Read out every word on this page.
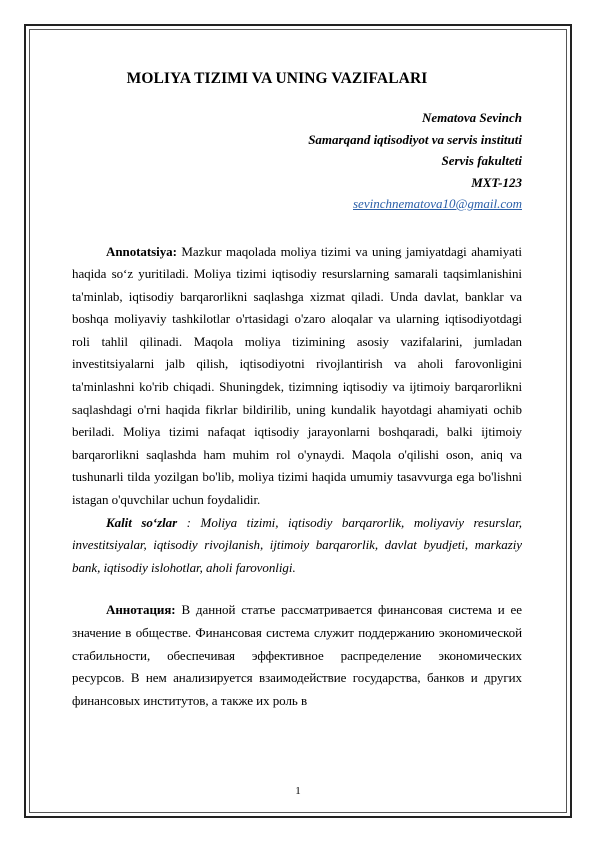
MOLIYA TIZIMI VA UNING VAZIFALARI
Nematova Sevinch
Samarqand iqtisodiyot va servis instituti
Servis fakulteti
MXT-123
sevinchnematova10@gmail.com

Annotatsiya: Mazkur maqolada moliya tizimi va uning jamiyatdagi ahamiyati haqida so‘z yuritiladi. Moliya tizimi iqtisodiy resurslarning samarali taqsimlanishini ta'minlab, iqtisodiy barqarorlikni saqlashga xizmat qiladi. Unda davlat, banklar va boshqa moliyaviy tashkilotlar o'rtasidagi o'zaro aloqalar va ularning iqtisodiyotdagi roli tahlil qilinadi. Maqola moliya tizimining asosiy vazifalarini, jumladan investitsiyalarni jalb qilish, iqtisodiyotni rivojlantirish va aholi farovonligini ta'minlashni ko'rib chiqadi. Shuningdek, tizimning iqtisodiy va ijtimoiy barqarorlikni saqlashdagi o'rni haqida fikrlar bildirilib, uning kundalik hayotdagi ahamiyati ochib beriladi. Moliya tizimi nafaqat iqtisodiy jarayonlarni boshqaradi, balki ijtimoiy barqarorlikni saqlashda ham muhim rol o'ynaydi. Maqola o'qilishi oson, aniq va tushunarli tilda yozilgan bo'lib, moliya tizimi haqida umumiy tasavvurga ega bo'lishni istagan o'quvchilar uchun foydalidir.

Kalit so‘zlar : Moliya tizimi, iqtisodiy barqarorlik, moliyaviy resurslar, investitsiyalar, iqtisodiy rivojlanish, ijtimoiy barqarorlik, davlat byudjeti, markaziy bank, iqtisodiy islohotlar, aholi farovonligi.

Аннотация: В данной статье рассматривается финансовая система и ее значение в обществе. Финансовая система служит поддержанию экономической стабильности, обеспечивая эффективное распределение экономических ресурсов. В нем анализируется взаимодействие государства, банков и других финансовых институтов, а также их роль в

1
